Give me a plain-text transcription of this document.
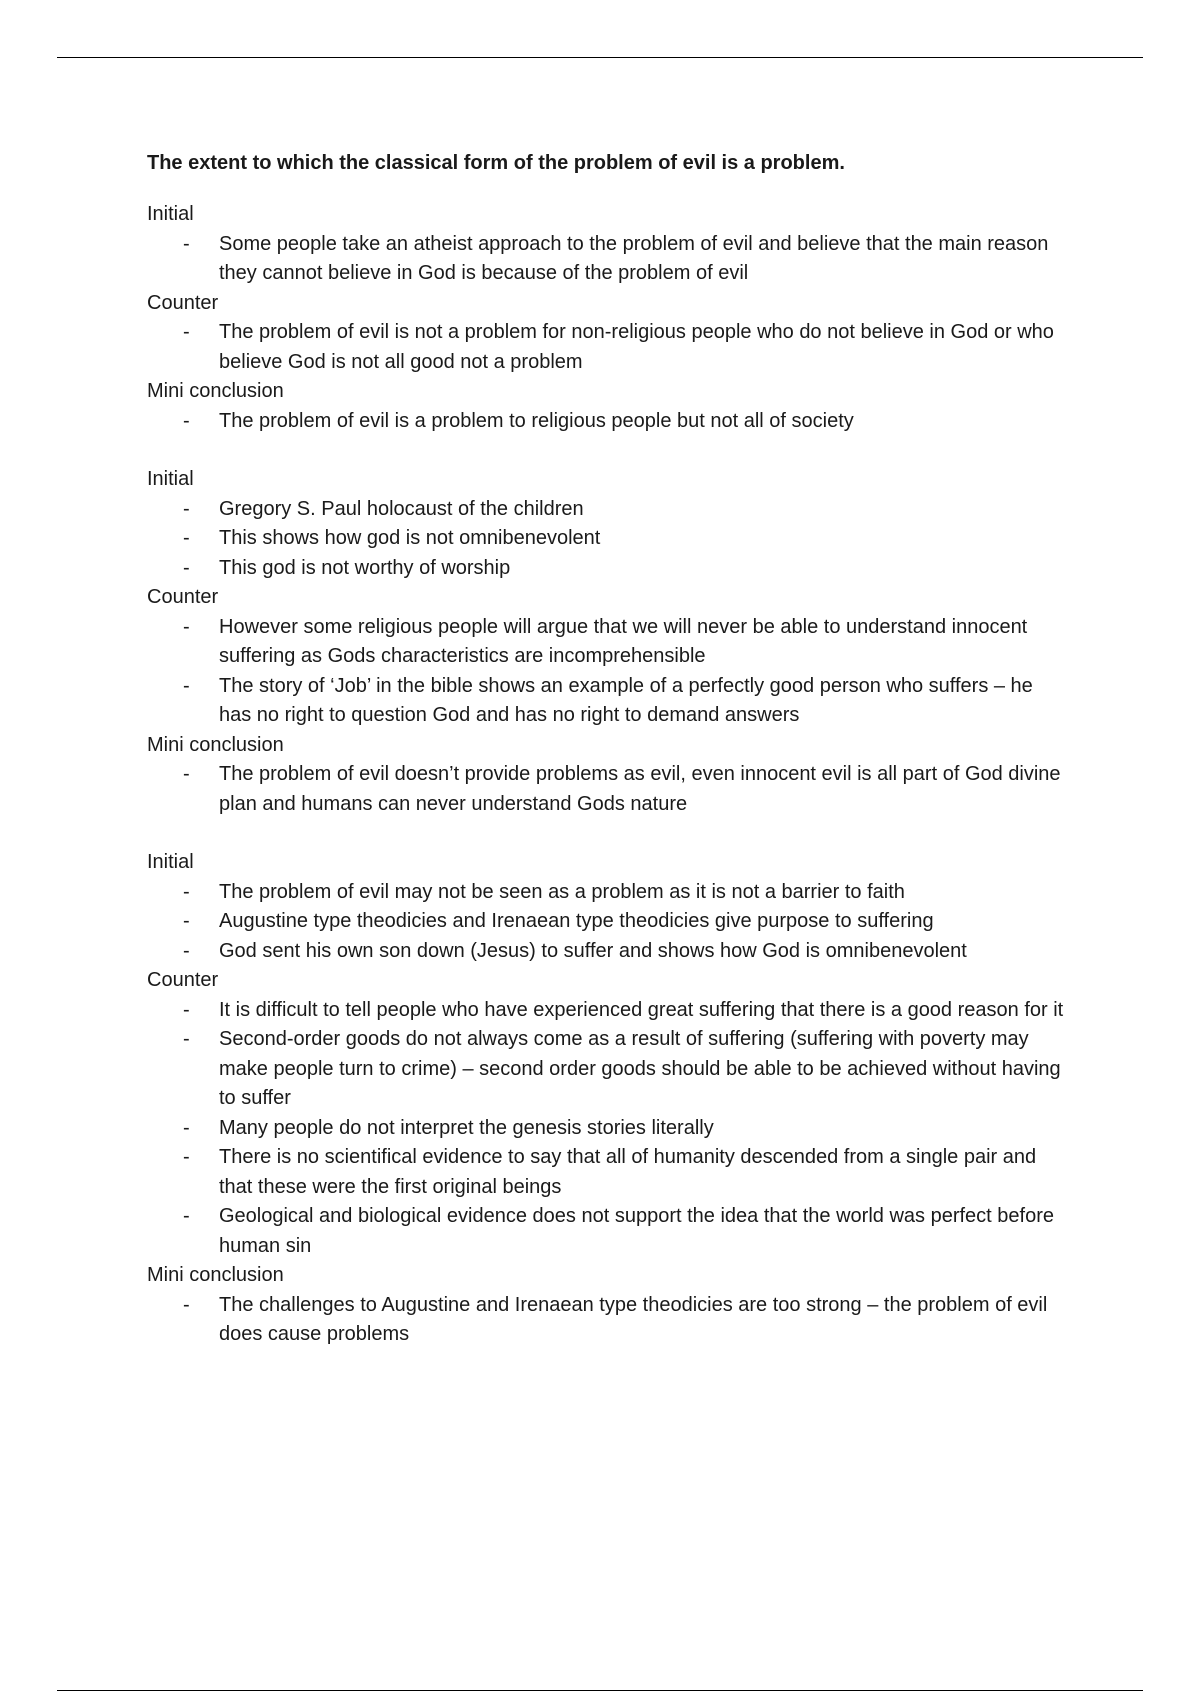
The extent to which the classical form of the problem of evil is a problem.
Initial
- Some people take an atheist approach to the problem of evil and believe that the main reason they cannot believe in God is because of the problem of evil
Counter
- The problem of evil is not a problem for non-religious people who do not believe in God or who believe God is not all good not a problem
Mini conclusion
- The problem of evil is a problem to religious people but not all of society
Initial
- Gregory S. Paul holocaust of the children
- This shows how god is not omnibenevolent
- This god is not worthy of worship
Counter
- However some religious people will argue that we will never be able to understand innocent suffering as Gods characteristics are incomprehensible
- The story of ‘Job’ in the bible shows an example of a perfectly good person who suffers – he has no right to question God and has no right to demand answers
Mini conclusion
- The problem of evil doesn’t provide problems as evil, even innocent evil is all part of God divine plan and humans can never understand Gods nature
Initial
- The problem of evil may not be seen as a problem as it is not a barrier to faith
- Augustine type theodicies and Irenaean type theodicies give purpose to suffering
- God sent his own son down (Jesus) to suffer and shows how God is omnibenevolent
Counter
- It is difficult to tell people who have experienced great suffering that there is a good reason for it
- Second-order goods do not always come as a result of suffering (suffering with poverty may make people turn to crime) – second order goods should be able to be achieved without having to suffer
- Many people do not interpret the genesis stories literally
- There is no scientifical evidence to say that all of humanity descended from a single pair and that these were the first original beings
- Geological and biological evidence does not support the idea that the world was perfect before human sin
Mini conclusion
- The challenges to Augustine and Irenaean type theodicies are too strong – the problem of evil does cause problems
